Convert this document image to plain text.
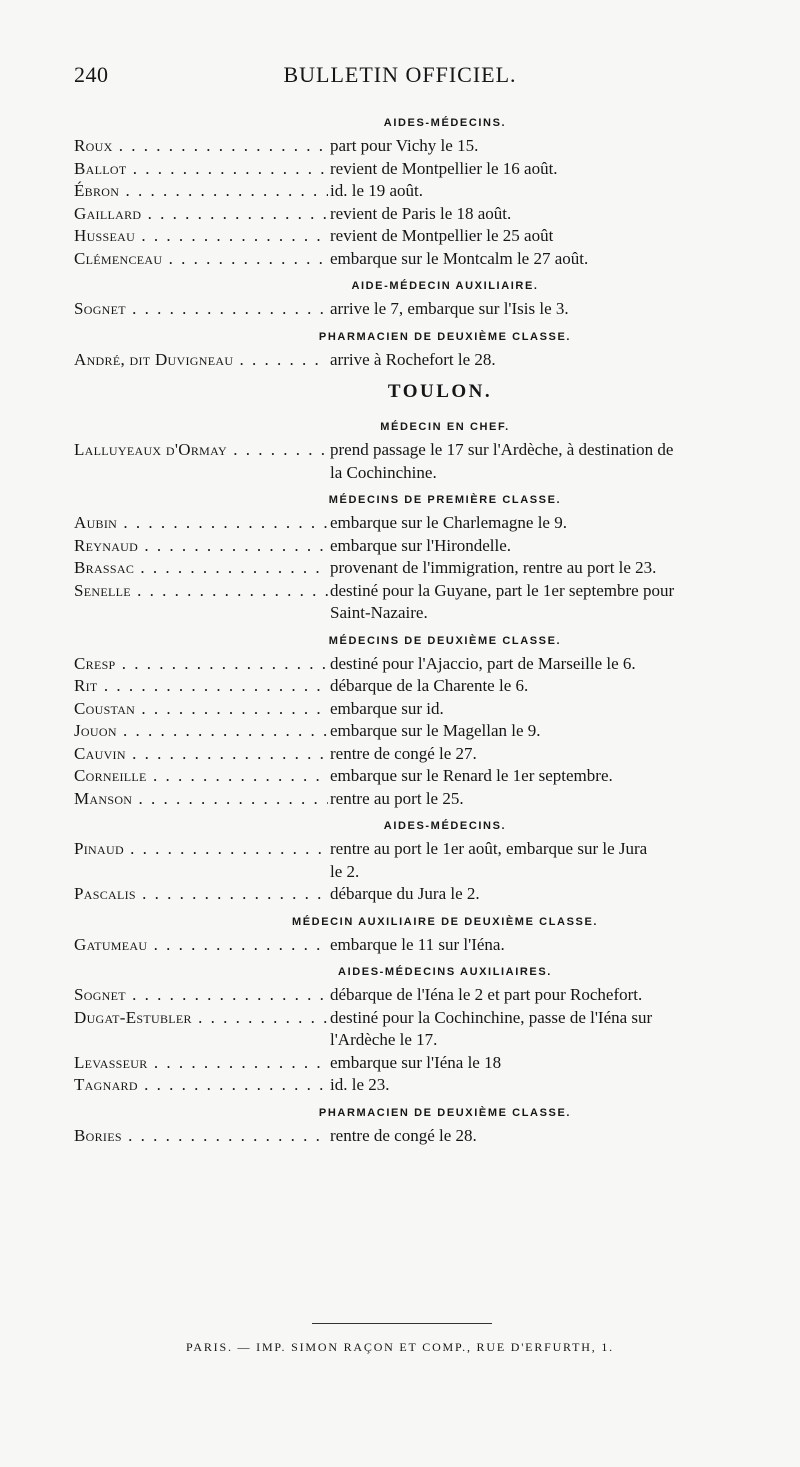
240	BULLETIN OFFICIEL.
AIDES-MÉDECINS.
Roux . . .	part pour Vichy le 15.
Ballot . . .	revient de Montpellier le 16 août.
Ébron . . .	id. le 19 août.
Gaillard . . .	revient de Paris le 18 août.
Husseau . . .	revient de Montpellier le 25 août
Clémenceau . . .	embarque sur le Montcalm le 27 août.
AIDE-MÉDECIN AUXILIAIRE.
Sognet . . .	arrive le 7, embarque sur l'Isis le 3.
PHARMACIEN DE DEUXIÈME CLASSE.
André, dit Duvigneau . . .	arrive à Rochefort le 28.
TOULON.
MÉDECIN EN CHEF.
Lalluyeaux d'Ormay . . .	prend passage le 17 sur l'Ardèche, à destination de
la Cochinchine.
MÉDECINS DE PREMIÈRE CLASSE.
Aubin . . .	embarque sur le Charlemagne le 9.
Reynaud . . .	embarque sur l'Hirondelle.
Brassac . . .	provenant de l'immigration, rentre au port le 23.
Senelle . . .	destiné pour la Guyane, part le 1er septembre pour
Saint-Nazaire.
MÉDECINS DE DEUXIÈME CLASSE.
Cresp . . .	destiné pour l'Ajaccio, part de Marseille le 6.
Rit . . .	débarque de la Charente le 6.
Coustan . . .	embarque sur id.
Jouon . . .	embarque sur le Magellan le 9.
Cauvin . . .	rentre de congé le 27.
Corneille . . .	embarque sur le Renard le 1er septembre.
Manson . . .	rentre au port le 25.
AIDES-MÉDECINS.
Pinaud . . .	rentre au port le 1er août, embarque sur le Jura
le 2.
Pascalis . . .	débarque du Jura le 2.
MÉDECIN AUXILIAIRE DE DEUXIÈME CLASSE.
Gatumeau . . .	embarque le 11 sur l'Iéna.
AIDES-MÉDECINS AUXILIAIRES.
Sognet . . .	débarque de l'Iéna le 2 et part pour Rochefort.
Dugat-Estubler . . .	destiné pour la Cochinchine, passe de l'Iéna sur
l'Ardèche le 17.
Levasseur . . .	embarque sur l'Iéna le 18
Tagnard . . .	id. le 23.
PHARMACIEN DE DEUXIÈME CLASSE.
Bories . . .	rentre de congé le 28.
PARIS. — IMP. SIMON RAÇON ET COMP., RUE D'ERFURTH, 1.
